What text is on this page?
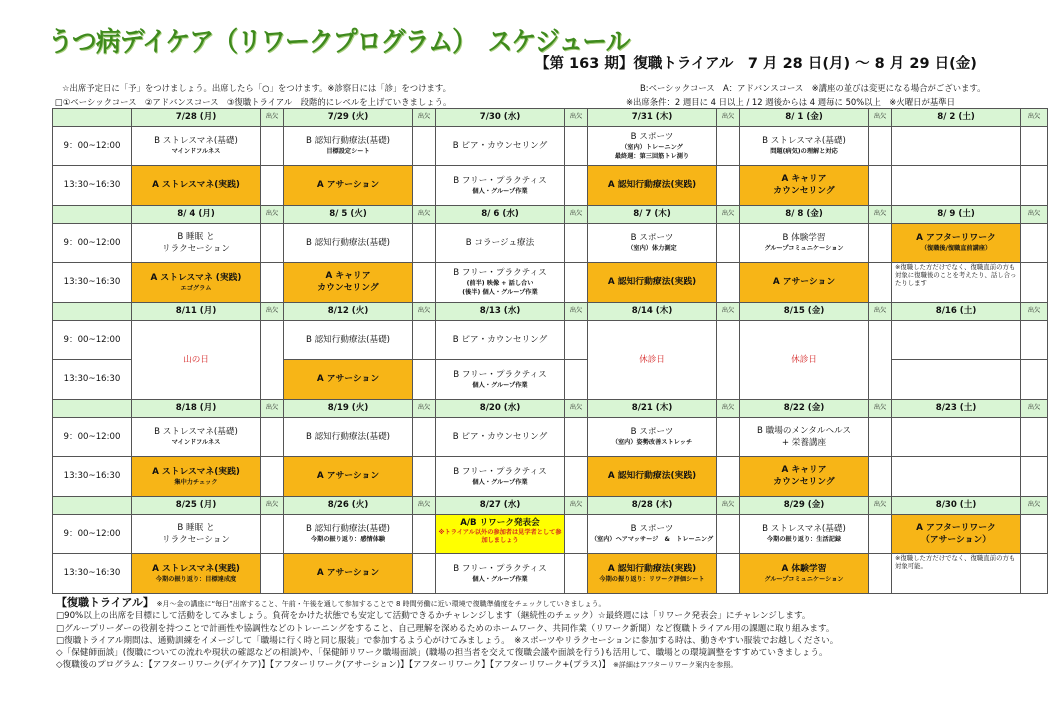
うつ病デイケア（リワークプログラム）　スケジュール
【第 163 期】復職トライアル　7 月 28 日(月) ～ 8 月 29 日(金)
☆出席予定日に「予」をつけましょう。出席したら「○」をつけます。※診察日には「診」をつけます。
□①ベーシックコース　②アドバンスコース　③復職トライアル　段階的にレベルを上げていきましょう。
B:ベーシックコース　A：アドバンスコース　※講座の並びは変更になる場合がございます。
※出席条件：2 週目に 4 日以上 / 12 週後からは 4 週毎に 50%以上　※火曜日が基準日
	7/28 (月)	出欠	7/29 (火)	出欠	7/30 (水)	出欠	7/31 (木)	出欠	8/ 1 (金)	出欠	8/ 2 (土)	出欠
9：00~12:00	B ストレスマネ(基礎)
マインドフルネス		B 認知行動療法(基礎)
目標設定シート		B ピア・カウンセリング		B スポーツ
（室内）トレーニング
最終週：第三回筋トレ測り		B ストレスマネ(基礎)
問題(病気)の理解と対応			

13:30~16:30	A ストレスマネ(実践)		A アサーション		B フリー・プラクティス
個人・グループ作業		A 認知行動療法(実践)		A キャリア
カウンセリング			

	8/ 4 (月)	出欠	8/ 5 (火)	出欠	8/ 6 (水)	出欠	8/ 7 (木)	出欠	8/ 8 (金)	出欠	8/ 9 (土)	出欠
9：00~12:00	B 睡眠 と
リラクセーション		B 認知行動療法(基礎)		B コラージュ療法		B スポーツ
（室内）体力測定		B 体験学習
グループコミュニケーション		A アフターリワーク
（復職後/復職直前講座）	

13:30~16:30	A ストレスマネ (実践)
エゴグラム		A キャリア
カウンセリング		B フリー・プラクティス
(前半) 映像 + 話し合い
(後半) 個人・グループ作業		A 認知行動療法(実践)		A アサーション		※復職した方だけでなく、復職直前の方も対象に復職後のことを考えたり、話し合ったりします	
	8/11 (月)	出欠	8/12 (火)	出欠	8/13 (水)	出欠	8/14 (木)	出欠	8/15 (金)	出欠	8/16 (土)	出欠
9：00~12:00	山の日		B 認知行動療法(基礎)		B ピア・カウンセリング		休診日		休診日		

13:30~16:30			A アサーション		B フリー・プラクティス
個人・グループ作業							

	8/18 (月)	出欠	8/19 (火)	出欠	8/20 (水)	出欠	8/21 (木)	出欠	8/22 (金)	出欠	8/23 (土)	出欠
9：00~12:00	B ストレスマネ(基礎)
マインドフルネス		B 認知行動療法(基礎)		B ピア・カウンセリング		B スポーツ
（室内）姿勢改善ストレッチ		B 職場のメンタルヘルス
+ 栄養講座			

13:30~16:30	A ストレスマネ(実践)
集中力チェック		A アサーション		B フリー・プラクティス
個人・グループ作業		A 認知行動療法(実践)		A キャリア
カウンセリング			

	8/25 (月)	出欠	8/26 (火)	出欠	8/27 (水)	出欠	8/28 (木)	出欠	8/29 (金)	出欠	8/30 (土)	出欠
9：00~12:00	B 睡眠 と
リラクセーション		B 認知行動療法(基礎)
今期の振り返り：感情体験		A/B リワーク発表会
※トライアル以外の参加者は見学者として参加しましょう		B スポーツ
（室内）ヘアマッサージ　&　トレーニング		B ストレスマネ(基礎)
今期の振り返り：生活記録		A アフターリワーク
（アサーション）	

13:30~16:30	A ストレスマネ(実践)
今期の振り返り：目標達成度		A アサーション		B フリー・プラクティス
個人・グループ作業		A 認知行動療法(実践)
今期の振り返り：リワーク評価シート		A 体験学習
グループコミュニケーション		※復職した方だけでなく、復職直前の方も対象可能。	
【復職トライアル】 ※月～金の講座に“毎日”出席すること、午前・午後を通して参加することで 8 時間労働に近い環境で復職準備度をチェックしていきましょう。
□90%以上の出席を目標にして活動をしてみましょう。負荷をかけた状態でも安定して活動できるかチャレンジします（継続性のチェック）☆最終週には「リワーク発表会」にチャレンジします。
□グループリーダーの役割を持つことで計画性や協調性などのトレーニングをすること、自己理解を深めるためのホームワーク、共同作業（リワーク新聞）など復職トライアル用の課題に取り組みます。
□復職トライアル期間は、通勤訓練をイメージして「職場に行く時と同じ服装」で参加するよう心がけてみましょう。　※スポーツやリラクセーションに参加する時は、動きやすい服装でお越しください。
◇「保健師面談」(復職についての流れや現状の確認などの相談)や、「保健師リワーク職場面談」(職場の担当者を交えて復職会議や面談を行う)も活用して、職場との環境調整をすすめていきましょう。
◇復職後のプログラム：【アフターリワーク(デイケア)】【アフターリワーク(アサーション)】【アフターリワーク】【アフターリワーク+(プラス)】 ※詳細はアフターリワーク案内を参照。
